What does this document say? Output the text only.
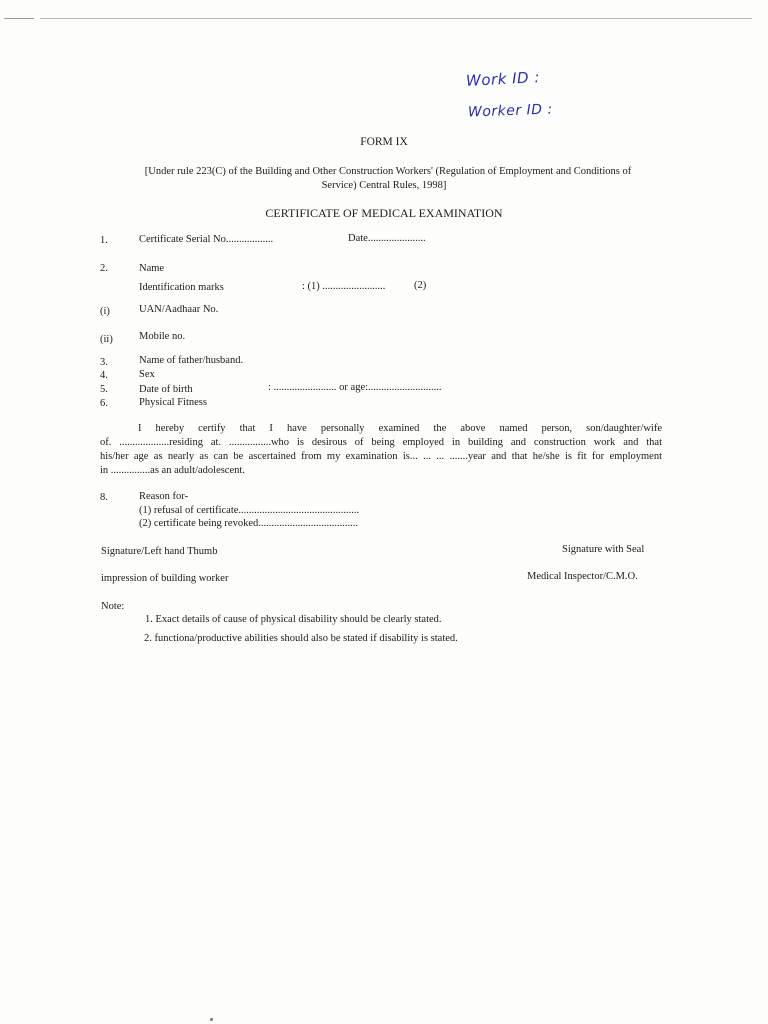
Work ID :
Worker ID :
FORM IX
[Under rule 223(C) of the Building and Other Construction Workers' (Regulation of Employment and Conditions of
Service) Central Rules, 1998]
CERTIFICATE OF MEDICAL EXAMINATION
1.	Certificate Serial No..................	Date......................
2.	Name
Identification marks	: (1) ........................	(2)
(i)	UAN/Aadhaar No.
(ii) Mobile no.
3.	Name of father/husband.
4.	Sex
5.	Date of birth	: ........................ or age:............................
6.	Physical Fitness
I hereby certify that I have personally examined the above named person, son/daughter/wife
of. ...................residing at. ................who is desirous of being employed in building and construction work and that
his/her age as nearly as can be ascertained from my examination is... ... ... .......year and that he/she is fit for employment
in ...............as an adult/adolescent.
8.	Reason for-
(1) refusal of certificate..............................................
(2) certificate being revoked......................................
Signature/Left hand Thumb
impression of building worker
Signature with Seal
Medical Inspector/C.M.O.
Note:
1. Exact details of cause of physical disability should be clearly stated.
2. functiona/productive abilities should also be stated if disability is stated.
